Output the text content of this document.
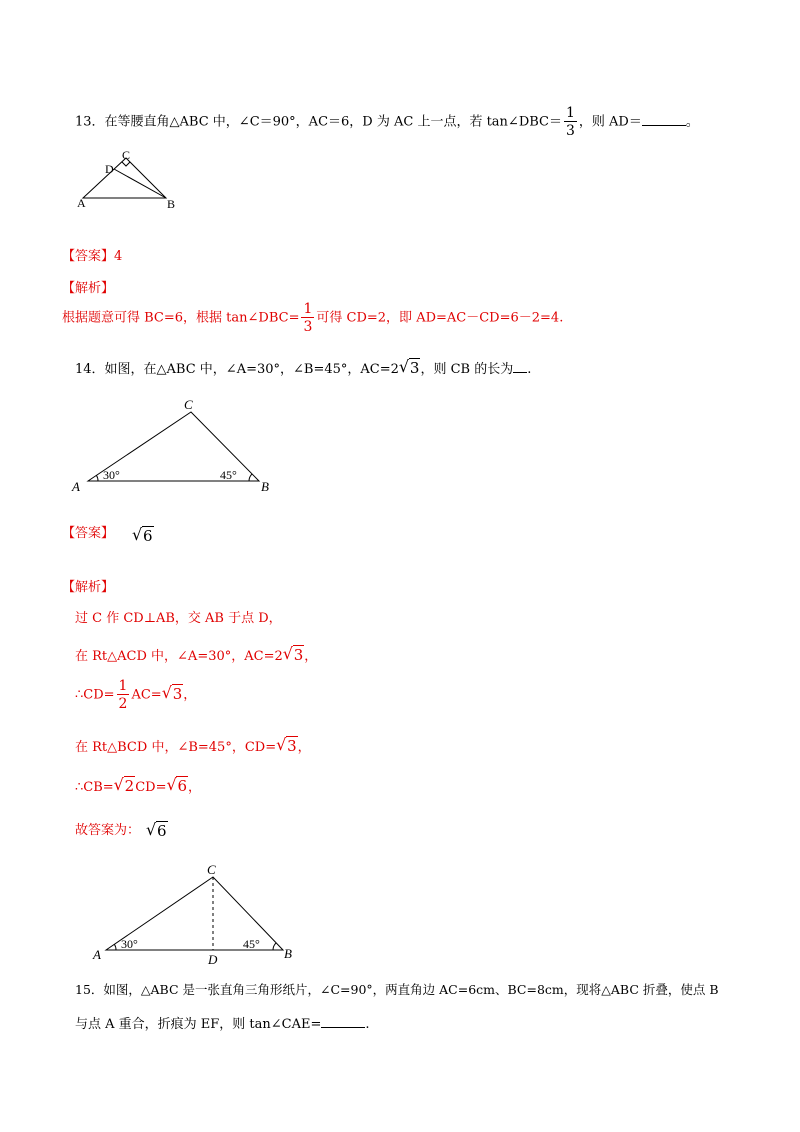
13．在等腰直角△ABC 中，∠C＝90°，AC＝6，D 为 AC 上一点，若 tan∠DBC＝ $\frac{1}{3}$ ，则 AD＝	。
C
D
A	B
【答案】4
【解析】
根据题意可得 BC=6，根据 tan∠DBC= $\frac{1}{3}$ 可得 CD=2，即 AD=AC－CD=6－2=4.
14．如图，在△ABC 中，∠A=30°，∠B=45°，AC=2 √ 3，则 CB 的长为 .
C
A	B
30°	45°
【答案】 √ 6
【解析】
过 C 作 CD⊥AB，交 AB 于点 D，
在 Rt△ACD 中，∠A=30°，AC=2 √ 3，
∴CD= $\frac{1}{2} AC=$ √ 3，
在 Rt△BCD 中，∠B=45°，CD= √ 3，
∴CB= √ 2CD= √ 6，
故答案为： √ 6
C
A	B
D
30°	45°
15．如图，△ABC 是一张直角三角形纸片，∠C=90°，两直角边 AC=6cm、BC=8cm，现将△ABC 折叠，使点 B
与点 A 重合，折痕为 EF，则 tan∠CAE=	.
